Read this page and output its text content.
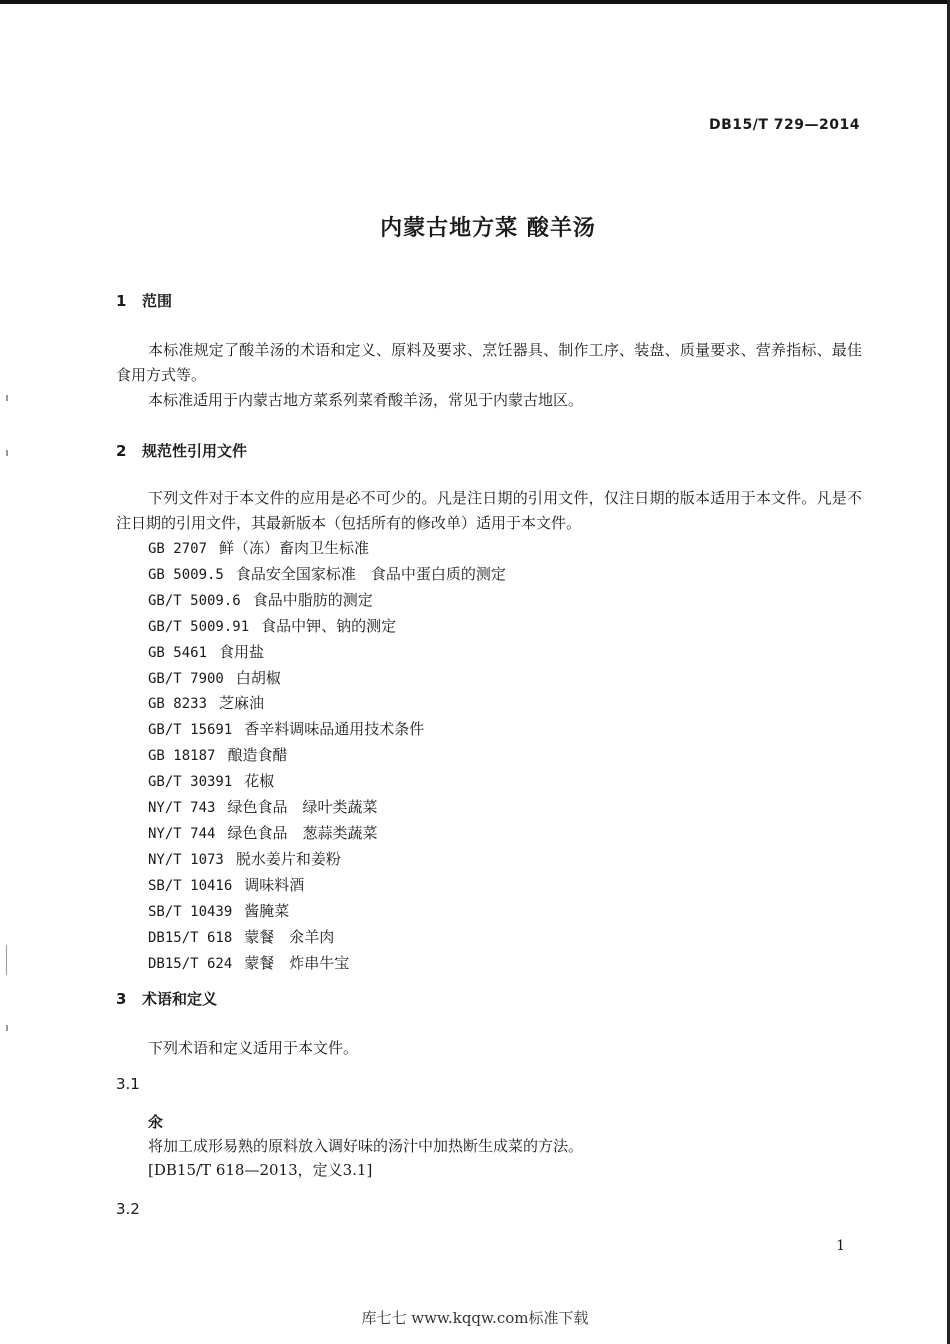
DB15/T 729—2014
内蒙古地方菜 酸羊汤
1 范围
本标准规定了酸羊汤的术语和定义、原料及要求、烹饪器具、制作工序、装盘、质量要求、营养指标、最佳食用方式等。
本标准适用于内蒙古地方菜系列菜肴酸羊汤，常见于内蒙古地区。
2 规范性引用文件
下列文件对于本文件的应用是必不可少的。凡是注日期的引用文件，仅注日期的版本适用于本文件。凡是不注日期的引用文件，其最新版本（包括所有的修改单）适用于本文件。
GB 2707 鲜（冻）畜肉卫生标准
GB 5009.5 食品安全国家标准　食品中蛋白质的测定
GB/T 5009.6 食品中脂肪的测定
GB/T 5009.91 食品中钾、钠的测定
GB 5461 食用盐
GB/T 7900 白胡椒
GB 8233 芝麻油
GB/T 15691 香辛料调味品通用技术条件
GB 18187 酿造食醋
GB/T 30391 花椒
NY/T 743 绿色食品　绿叶类蔬菜
NY/T 744 绿色食品　葱蒜类蔬菜
NY/T 1073 脱水姜片和姜粉
SB/T 10416 调味料酒
SB/T 10439 酱腌菜
DB15/T 618 蒙餐　氽羊肉
DB15/T 624 蒙餐　炸串牛宝
3 术语和定义
下列术语和定义适用于本文件。
3.1
氽
将加工成形易熟的原料放入调好味的汤汁中加热断生成菜的方法。
[DB15/T 618—2013，定义3.1]
3.2
1
库七七 www.kqqw.com标准下载
